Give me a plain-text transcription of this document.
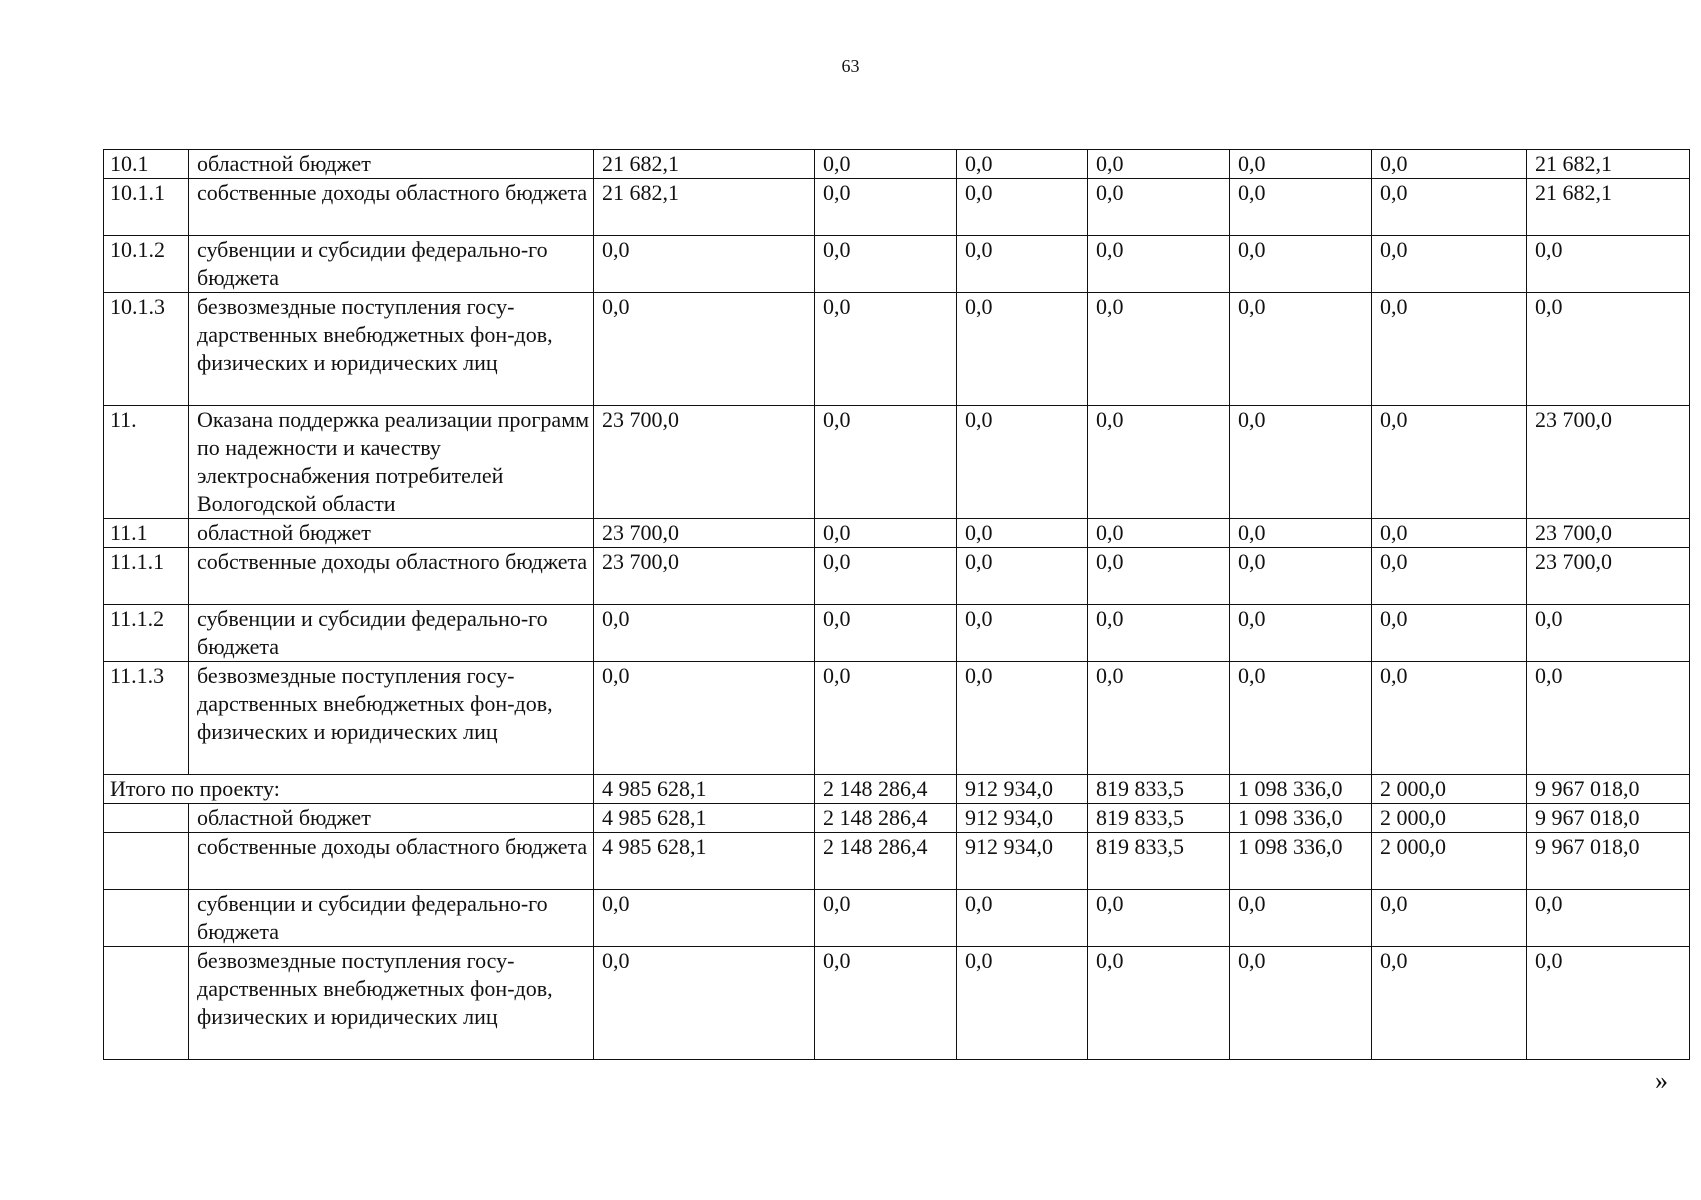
63
10.1	областной бюджет	21 682,1	0,0	0,0	0,0	0,0	0,0	21 682,1
10.1.1	собственные доходы областного бюджета	21 682,1	0,0	0,0	0,0	0,0	0,0	21 682,1
10.1.2	субвенции и субсидии федерально-го бюджета	0,0	0,0	0,0	0,0	0,0	0,0	0,0
10.1.3	безвозмездные поступления госу-дарственных внебюджетных фон-дов, физических и юридических лиц	0,0	0,0	0,0	0,0	0,0	0,0	0,0
11.	Оказана поддержка реализации программ по надежности и качеству электроснабжения потребителей Вологодской области	23 700,0	0,0	0,0	0,0	0,0	0,0	23 700,0
11.1	областной бюджет	23 700,0	0,0	0,0	0,0	0,0	0,0	23 700,0
11.1.1	собственные доходы областного бюджета	23 700,0	0,0	0,0	0,0	0,0	0,0	23 700,0
11.1.2	субвенции и субсидии федерально-го бюджета	0,0	0,0	0,0	0,0	0,0	0,0	0,0
11.1.3	безвозмездные поступления госу-дарственных внебюджетных фон-дов, физических и юридических лиц	0,0	0,0	0,0	0,0	0,0	0,0	0,0
Итого по проекту:		4 985 628,1	2 148 286,4	912 934,0	819 833,5	1 098 336,0	2 000,0	9 967 018,0
	областной бюджет	4 985 628,1	2 148 286,4	912 934,0	819 833,5	1 098 336,0	2 000,0	9 967 018,0
	собственные доходы областного бюджета	4 985 628,1	2 148 286,4	912 934,0	819 833,5	1 098 336,0	2 000,0	9 967 018,0
	субвенции и субсидии федерально-го бюджета	0,0	0,0	0,0	0,0	0,0	0,0	0,0
	безвозмездные поступления госу-дарственных внебюджетных фон-дов, физических и юридических лиц	0,0	0,0	0,0	0,0	0,0	0,0	0,0
»
